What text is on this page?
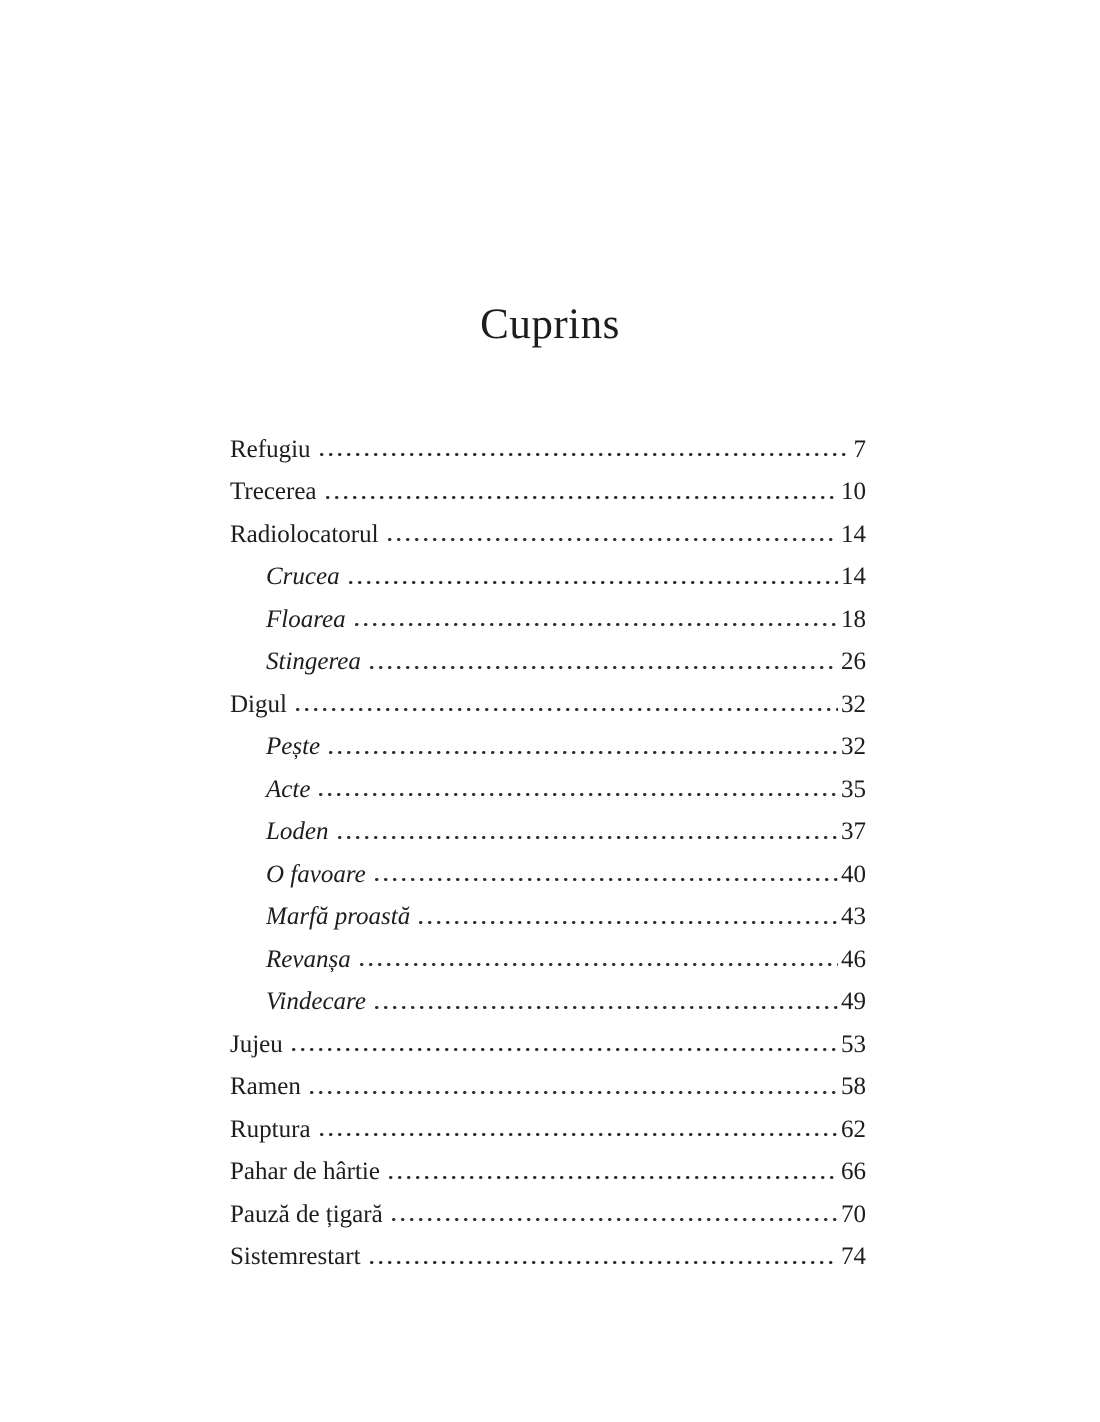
Cuprins
Refugiu	7
Trecerea	10
Radiolocatorul	14
Crucea	14
Floarea	18
Stingerea	26
Digul	32
Pește	32
Acte	35
Loden	37
O favoare	40
Marfă proastă	43
Revanșa	46
Vindecare	49
Jujeu	53
Ramen	58
Ruptura	62
Pahar de hârtie	66
Pauză de țigară	70
Sistemrestart	74
